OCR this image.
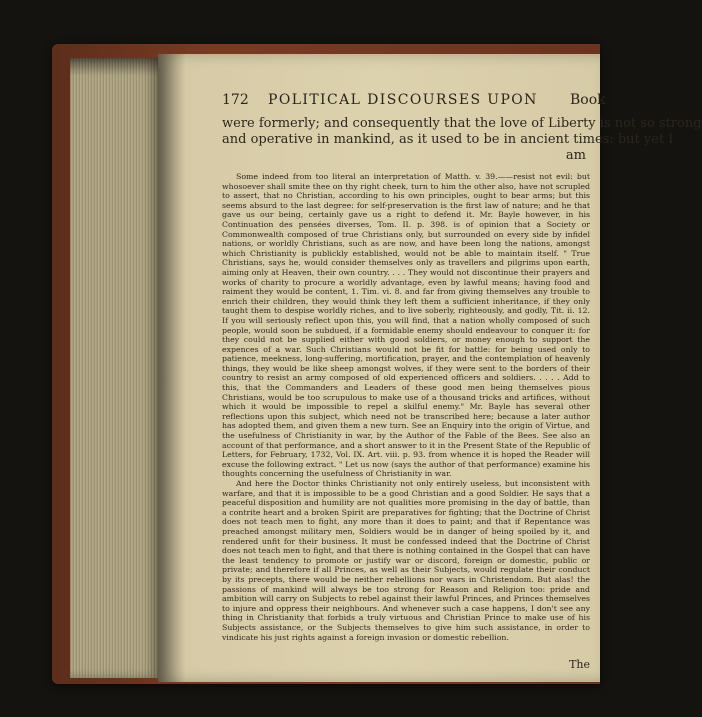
172 POLITICAL DISCOURSES UPON Book
were formerly; and consequently that the love of Liberty is not so strong
and operative in mankind, as it used to be in ancient times: but yet I
am

Some indeed from too literal an interpretation of Matth. v. 39.——resist not evil: but whosoever shall smite thee on thy right cheek, turn to him the other also, have not scrupled to assert, that no Christian, according to his own principles, ought to bear arms; but this seems absurd to the last degree: for self-preservation is the first law of nature; and he that gave us our being, certainly gave us a right to defend it. Mr. Bayle however, in his Continuation des pensées diverses, Tom. II. p. 398. is of opinion that a Society or Commonwealth composed of true Christians only, but surrounded on every side by infidel nations, or worldly Christians, such as are now, and have been long the nations, amongst which Christianity is publickly established, would not be able to maintain itself. " True Christians, says he, would consider themselves only as travellers and pilgrims upon earth, aiming only at Heaven, their own country. . . . They would not discontinue their prayers and works of charity to procure a worldly advantage, even by lawful means; having food and raiment they would be content, 1. Tim. vi. 8. and far from giving themselves any trouble to enrich their children, they would think they left them a sufficient inheritance, if they only taught them to despise worldly riches, and to live soberly, righteously, and godly, Tit. ii. 12. If you will seriously reflect upon this, you will find, that a nation wholly composed of such people, would soon be subdued, if a formidable enemy should endeavour to conquer it: for they could not be supplied either with good soldiers, or money enough to support the expences of a war. Such Christians would not be fit for battle: for being used only to patience, meekness, long-suffering, mortification, prayer, and the contemplation of heavenly things, they would be like sheep amongst wolves, if they were sent to the borders of their country to resist an army composed of old experienced officers and soldiers. . . . . Add to this, that the Commanders and Leaders of these good men being themselves pious Christians, would be too scrupulous to make use of a thousand tricks and artifices, without which it would be impossible to repel a skilful enemy." Mr. Bayle has several other reflections upon this subject, which need not be transcribed here; because a later author has adopted them, and given them a new turn. See an Enquiry into the origin of Virtue, and the usefulness of Christianity in war, by the Author of the Fable of the Bees. See also an account of that performance, and a short answer to it in the Present State of the Republic of Letters, for February, 1732, Vol. IX. Art. viii. p. 93. from whence it is hoped the Reader will excuse the following extract. " Let us now (says the author of that performance) examine his thoughts concerning the usefulness of Christianity in war.

And here the Doctor thinks Christianity not only entirely useless, but inconsistent with warfare, and that it is impossible to be a good Christian and a good Soldier. He says that a peaceful disposition and humility are not qualities more promising in the day of battle, than a contrite heart and a broken Spirit are preparatives for fighting; that the Doctrine of Christ does not teach men to fight, any more than it does to paint; and that if Repentance was preached amongst military men, Soldiers would be in danger of being spoiled by it, and rendered unfit for their business. It must be confessed indeed that the Doctrine of Christ does not teach men to fight, and that there is nothing contained in the Gospel that can have the least tendency to promote or justify war or discord, foreign or domestic, public or private; and therefore if all Princes, as well as their Subjects, would regulate their conduct by its precepts, there would be neither rebellions nor wars in Christendom. But alas! the passions of mankind will always be too strong for Reason and Religion too: pride and ambition will carry on Subjects to rebel against their lawful Princes, and Princes themselves to injure and oppress their neighbours. And whenever such a case happens, I don't see any thing in Christianity that forbids a truly virtuous and Christian Prince to make use of his Subjects assistance, or the Subjects themselves to give him such assistance, in order to vindicate his just rights against a foreign invasion or domestic rebellion.

The
